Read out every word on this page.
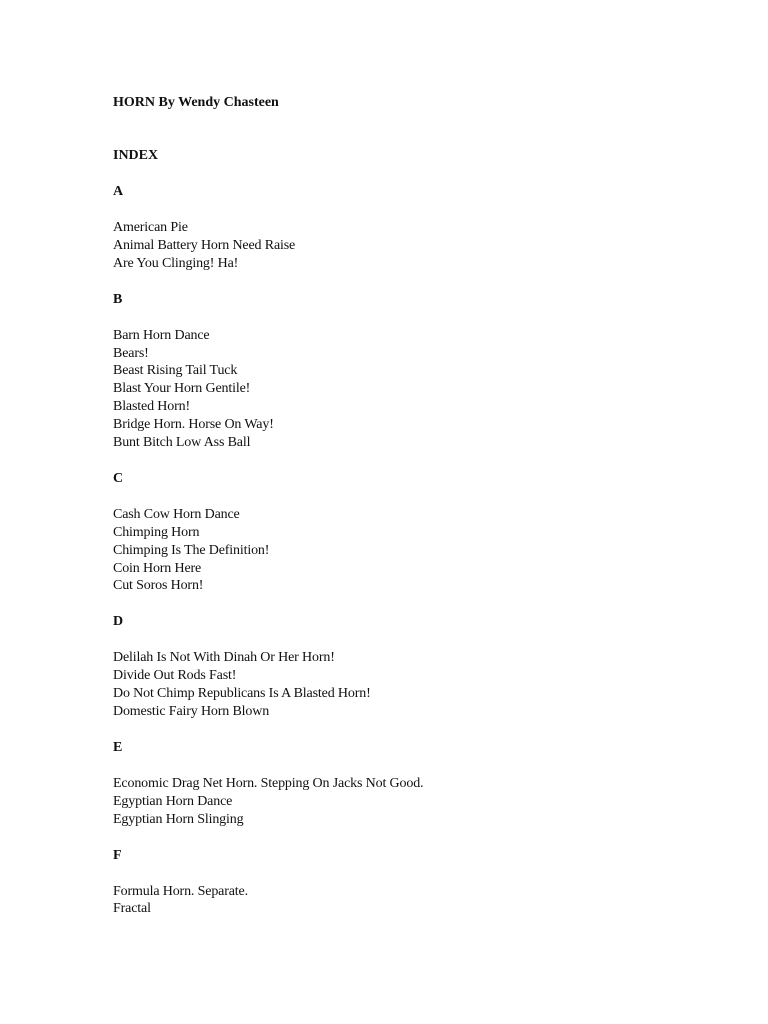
HORN By Wendy Chasteen

INDEX

A

American Pie
Animal Battery Horn Need Raise
Are You Clinging! Ha!

B

Barn Horn Dance
Bears!
Beast Rising Tail Tuck
Blast Your Horn Gentile!
Blasted Horn!
Bridge Horn. Horse On Way!
Bunt Bitch Low Ass Ball

C

Cash Cow Horn Dance
Chimping Horn
Chimping Is The Definition!
Coin Horn Here
Cut Soros Horn!

D

Delilah Is Not With Dinah Or Her Horn!
Divide Out Rods Fast!
Do Not Chimp Republicans Is A Blasted Horn!
Domestic Fairy Horn Blown

E

Economic Drag Net Horn. Stepping On Jacks Not Good.
Egyptian Horn Dance
Egyptian Horn Slinging

F

Formula Horn. Separate.
Fractal
